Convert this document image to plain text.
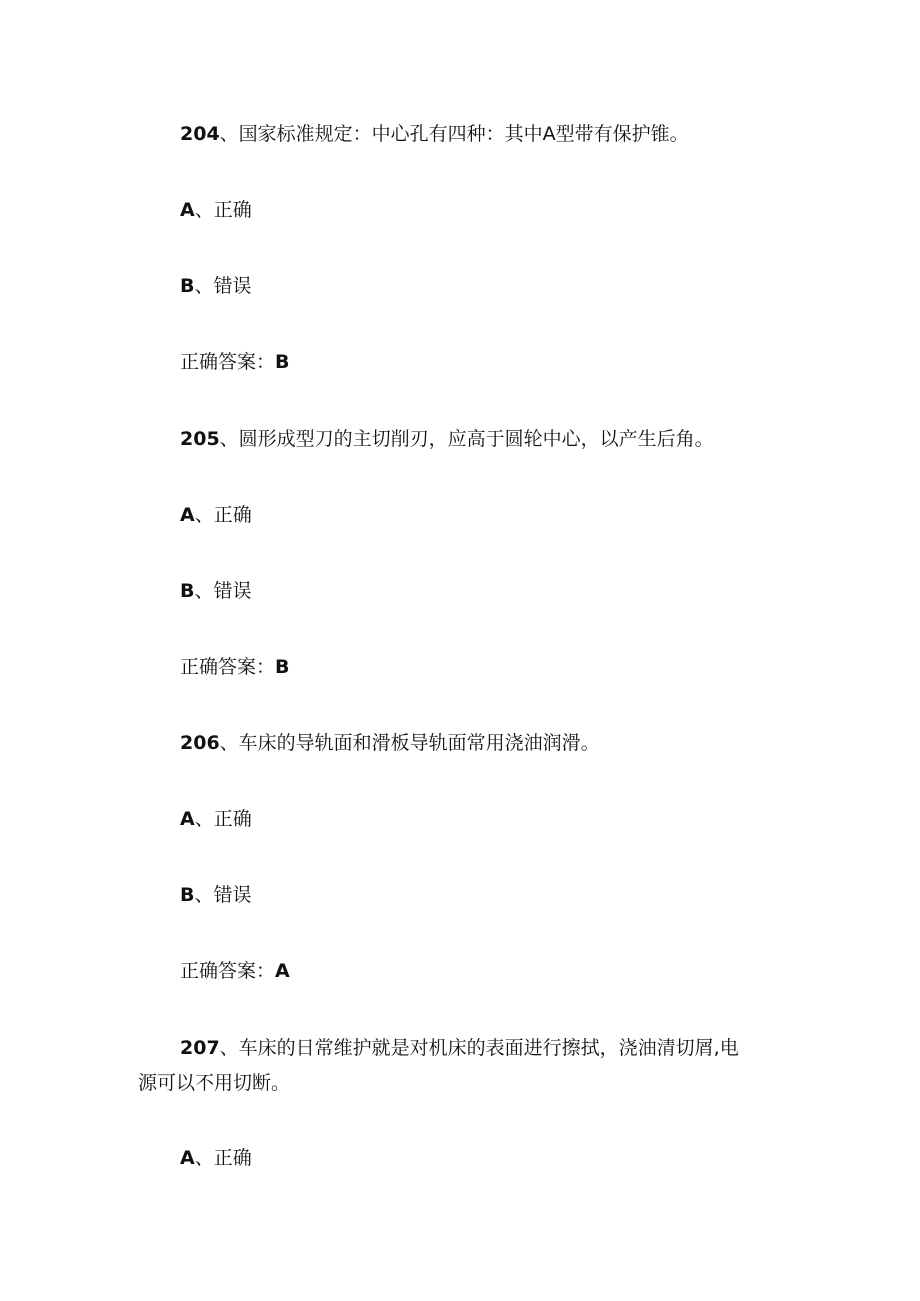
204、国家标准规定：中心孔有四种：其中A型带有保护锥。
A、正确
B、错误
正确答案：B
205、圆形成型刀的主切削刃，应高于圆轮中心，以产生后角。
A、正确
B、错误
正确答案：B
206、车床的导轨面和滑板导轨面常用浇油润滑。
A、正确
B、错误
正确答案：A
207、车床的日常维护就是对机床的表面进行擦拭，浇油清切屑,电
源可以不用切断。
A、正确
